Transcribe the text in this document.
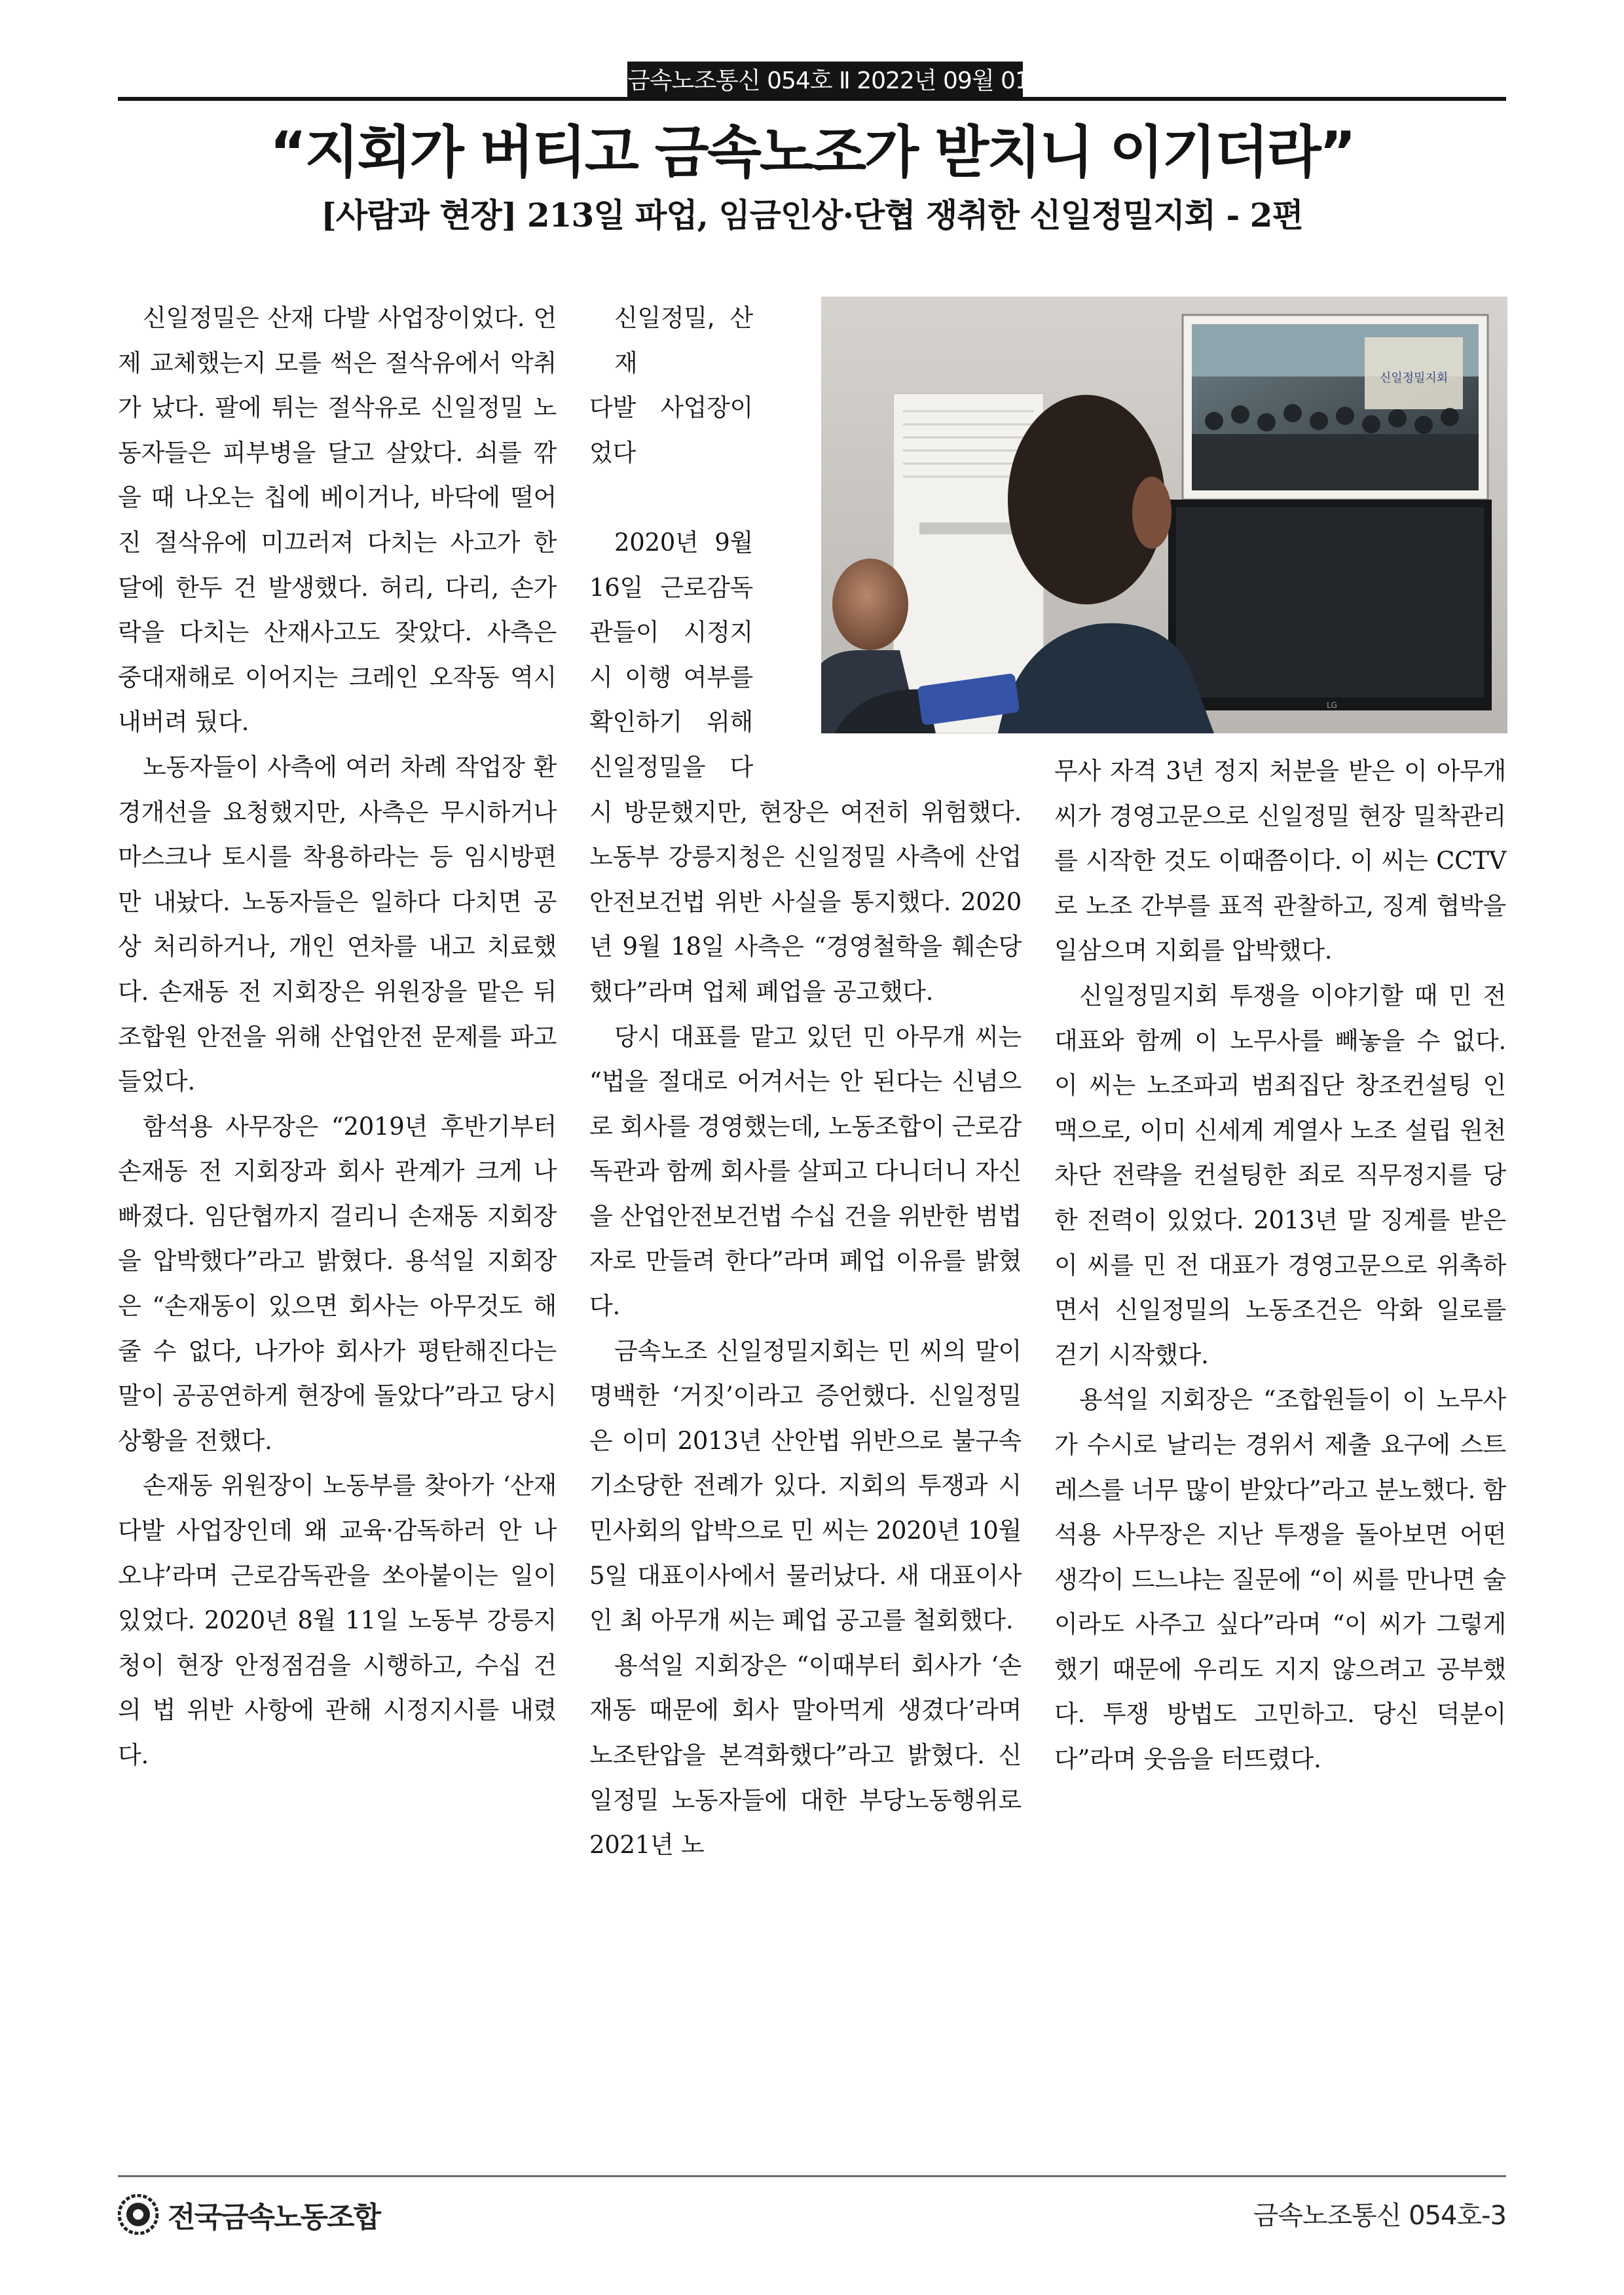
금속노조통신 054호 Ⅱ 2022년 09월 01일
“지회가 버티고 금속노조가 받치니 이기더라”
[사람과 현장] 213일 파업, 임금인상·단협 쟁취한 신일정밀지회 - 2편

신일정밀은 산재 다발 사업장이었다. 언제 교체했는지 모를 썩은 절삭유에서 악취가 났다. 팔에 튀는 절삭유로 신일정밀 노동자들은 피부병을 달고 살았다. 쇠를 깎을 때 나오는 칩에 베이거나, 바닥에 떨어진 절삭유에 미끄러져 다치는 사고가 한 달에 한두 건 발생했다. 허리, 다리, 손가락을 다치는 산재사고도 잦았다. 사측은 중대재해로 이어지는 크레인 오작동 역시 내버려 뒀다.

노동자들이 사측에 여러 차례 작업장 환경개선을 요청했지만, 사측은 무시하거나 마스크나 토시를 착용하라는 등 임시방편만 내놨다. 노동자들은 일하다 다치면 공상 처리하거나, 개인 연차를 내고 치료했다. 손재동 전 지회장은 위원장을 맡은 뒤 조합원 안전을 위해 산업안전 문제를 파고들었다.

함석용 사무장은 “2019년 후반기부터 손재동 전 지회장과 회사 관계가 크게 나빠졌다. 임단협까지 걸리니 손재동 지회장을 압박했다”라고 밝혔다. 용석일 지회장은 “손재동이 있으면 회사는 아무것도 해줄 수 없다, 나가야 회사가 평탄해진다는 말이 공공연하게 현장에 돌았다”라고 당시 상황을 전했다.

손재동 위원장이 노동부를 찾아가 ‘산재 다발 사업장인데 왜 교육·감독하러 안 나오냐’라며 근로감독관을 쏘아붙이는 일이 있었다. 2020년 8월 11일 노동부 강릉지청이 현장 안정점검을 시행하고, 수십 건의 법 위반 사항에 관해 시정지시를 내렸다.

신일정밀, 산재
다발 사업장이었다

2020년 9월 16일 근로감독관들이 시정지시 이행 여부를 확인하기 위해 신일정밀을 다시 방문했지만, 현장은 여전히 위험했다. 노동부 강릉지청은 신일정밀 사측에 산업안전보건법 위반 사실을 통지했다. 2020년 9월 18일 사측은 “경영철학을 훼손당했다”라며 업체 폐업을 공고했다.

당시 대표를 맡고 있던 민 아무개 씨는 “법을 절대로 어겨서는 안 된다는 신념으로 회사를 경영했는데, 노동조합이 근로감독관과 함께 회사를 살피고 다니더니 자신을 산업안전보건법 수십 건을 위반한 범법자로 만들려 한다”라며 폐업 이유를 밝혔다.

금속노조 신일정밀지회는 민 씨의 말이 명백한 ‘거짓’이라고 증언했다. 신일정밀은 이미 2013년 산안법 위반으로 불구속 기소당한 전례가 있다. 지회의 투쟁과 시민사회의 압박으로 민 씨는 2020년 10월 5일 대표이사에서 물러났다. 새 대표이사인 최 아무개 씨는 폐업 공고를 철회했다.

용석일 지회장은 “이때부터 회사가 ‘손재동 때문에 회사 말아먹게 생겼다’라며 노조탄압을 본격화했다”라고 밝혔다. 신일정밀 노동자들에 대한 부당노동행위로 2021년 노

신일정밀지회
LG

무사 자격 3년 정지 처분을 받은 이 아무개 씨가 경영고문으로 신일정밀 현장 밀착관리를 시작한 것도 이때쯤이다. 이 씨는 CCTV로 노조 간부를 표적 관찰하고, 징계 협박을 일삼으며 지회를 압박했다.

신일정밀지회 투쟁을 이야기할 때 민 전 대표와 함께 이 노무사를 빼놓을 수 없다. 이 씨는 노조파괴 범죄집단 창조컨설팅 인맥으로, 이미 신세계 계열사 노조 설립 원천 차단 전략을 컨설팅한 죄로 직무정지를 당한 전력이 있었다. 2013년 말 징계를 받은 이 씨를 민 전 대표가 경영고문으로 위촉하면서 신일정밀의 노동조건은 악화 일로를 걷기 시작했다.

용석일 지회장은 “조합원들이 이 노무사가 수시로 날리는 경위서 제출 요구에 스트레스를 너무 많이 받았다”라고 분노했다. 함석용 사무장은 지난 투쟁을 돌아보면 어떤 생각이 드느냐는 질문에 “이 씨를 만나면 술이라도 사주고 싶다”라며 “이 씨가 그렇게 했기 때문에 우리도 지지 않으려고 공부했다. 투쟁 방법도 고민하고. 당신 덕분이다”라며 웃음을 터뜨렸다.

전국금속노동조합	금속노조통신 054호-3
